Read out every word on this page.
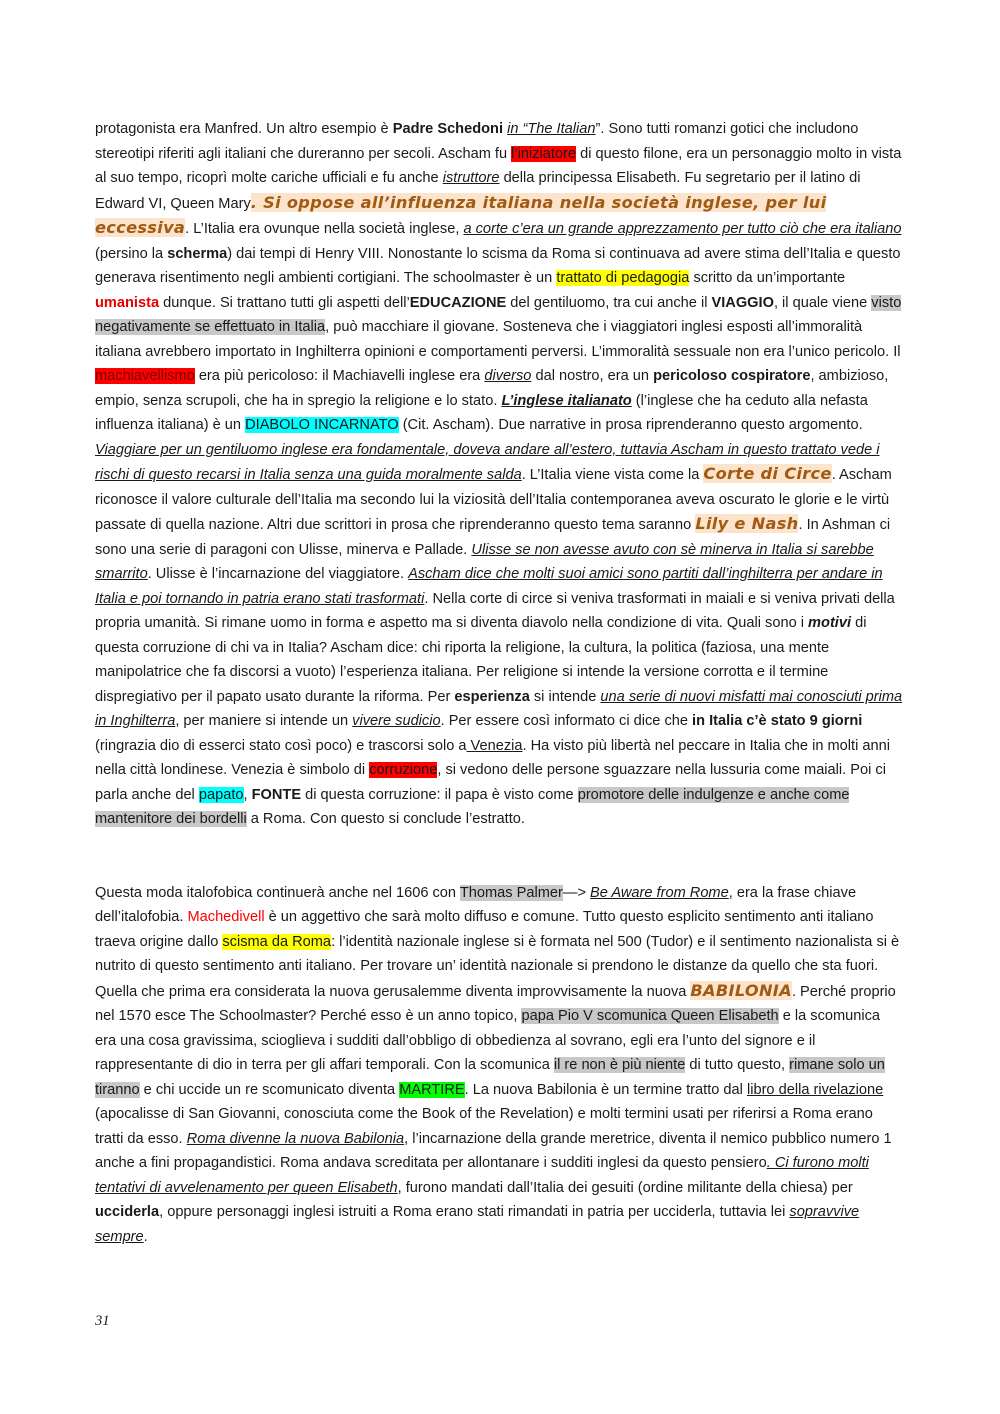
protagonista era Manfred. Un altro esempio è Padre Schedoni in “The Italian”. Sono tutti romanzi gotici che includono stereotipi riferiti agli italiani che dureranno per secoli. Ascham fu l’iniziatore di questo filone, era un personaggio molto in vista al suo tempo, ricoprì molte cariche ufficiali e fu anche istruttore della principessa Elisabeth. Fu segretario per il latino di Edward VI, Queen Mary. Si oppose all’influenza italiana nella società inglese, per lui eccessiva. L’Italia era ovunque nella società inglese, a corte c’era un grande apprezzamento per tutto ciò che era italiano (persino la scherma) dai tempi di Henry VIII. Nonostante lo scisma da Roma si continuava ad avere stima dell’Italia e questo generava risentimento negli ambienti cortigiani. The schoolmaster è un trattato di pedagogia scritto da un’importante umanista dunque. Si trattano tutti gli aspetti dell’EDUCAZIONE del gentiluomo, tra cui anche il VIAGGIO, il quale viene visto negativamente se effettuato in Italia, può macchiare il giovane. Sosteneva che i viaggiatori inglesi esposti all’immoralità italiana avrebbero importato in Inghilterra opinioni e comportamenti perversi. L’immoralità sessuale non era l’unico pericolo. Il machiavellismo era più pericoloso: il Machiavelli inglese era diverso dal nostro, era un pericoloso cospiratore, ambizioso, empio, senza scrupoli, che ha in spregio la religione e lo stato. L’inglese italianato (l’inglese che ha ceduto alla nefasta influenza italiana) è un DIABOLO INCARNATO (Cit. Ascham). Due narrative in prosa riprenderanno questo argomento. Viaggiare per un gentiluomo inglese era fondamentale, doveva andare all’estero, tuttavia Ascham in questo trattato vede i rischi di questo recarsi in Italia senza una guida moralmente salda. L’Italia viene vista come la Corte di Circe. Ascham riconosce il valore culturale dell’Italia ma secondo lui la viziosità dell’Italia contemporanea aveva oscurato le glorie e le virtù passate di quella nazione. Altri due scrittori in prosa che riprenderanno questo tema saranno Lily e Nash. In Ashman ci sono una serie di paragoni con Ulisse, minerva e Pallade. Ulisse se non avesse avuto con sè minerva in Italia si sarebbe smarrito. Ulisse è l’incarnazione del viaggiatore. Ascham dice che molti suoi amici sono partiti dall’inghilterra per andare in Italia e poi tornando in patria erano stati trasformati. Nella corte di circe si veniva trasformati in maiali e si veniva privati della propria umanità. Si rimane uomo in forma e aspetto ma si diventa diavolo nella condizione di vita. Quali sono i motivi di questa corruzione di chi va in Italia? Ascham dice: chi riporta la religione, la cultura, la politica (faziosa, una mente manipolatrice che fa discorsi a vuoto) l’esperienza italiana. Per religione si intende la versione corrotta e il termine dispregiativo per il papato usato durante la riforma. Per esperienza si intende una serie di nuovi misfatti mai conosciuti prima in Inghilterra, per maniere si intende un vivere sudicio. Per essere così informato ci dice che in Italia c’è stato 9 giorni (ringrazia dio di esserci stato così poco) e trascorsi solo a Venezia. Ha visto più libertà nel peccare in Italia che in molti anni nella città londinese. Venezia è simbolo di corruzione, si vedono delle persone sguazzare nella lussuria come maiali. Poi ci parla anche del papato, FONTE di questa corruzione: il papa è visto come promotore delle indulgenze e anche come mantenitore dei bordelli a Roma. Con questo si conclude l’estratto.

Questa moda italofobica continuerà anche nel 1606 con Thomas Palmer—> Be Aware from Rome, era la frase chiave dell’italofobia. Machedivell è un aggettivo che sarà molto diffuso e comune. Tutto questo esplicito sentimento anti italiano traeva origine dallo scisma da Roma: l’identità nazionale inglese si è formata nel 500 (Tudor) e il sentimento nazionalista si è nutrito di questo sentimento anti italiano. Per trovare un’ identità nazionale si prendono le distanze da quello che sta fuori. Quella che prima era considerata la nuova gerusalemme diventa improvvisamente la nuova BABILONIA. Perché proprio nel 1570 esce The Schoolmaster? Perché esso è un anno topico, papa Pio V scomunica Queen Elisabeth e la scomunica era una cosa gravissima, scioglieva i sudditi dall’obbligo di obbedienza al sovrano, egli era l’unto del signore e il rappresentante di dio in terra per gli affari temporali. Con la scomunica il re non è più niente di tutto questo, rimane solo un tiranno e chi uccide un re scomunicato diventa MARTIRE. La nuova Babilonia è un termine tratto dal libro della rivelazione (apocalisse di San Giovanni, conosciuta come the Book of the Revelation) e molti termini usati per riferirsi a Roma erano tratti da esso. Roma divenne la nuova Babilonia, l’incarnazione della grande meretrice, diventa il nemico pubblico numero 1 anche a fini propagandistici. Roma andava screditata per allontanare i sudditi inglesi da questo pensiero. Ci furono molti tentativi di avvelenamento per queen Elisabeth, furono mandati dall’Italia dei gesuiti (ordine militante della chiesa) per ucciderla, oppure personaggi inglesi istruiti a Roma erano stati rimandati in patria per ucciderla, tuttavia lei sopravvive sempre.

31
